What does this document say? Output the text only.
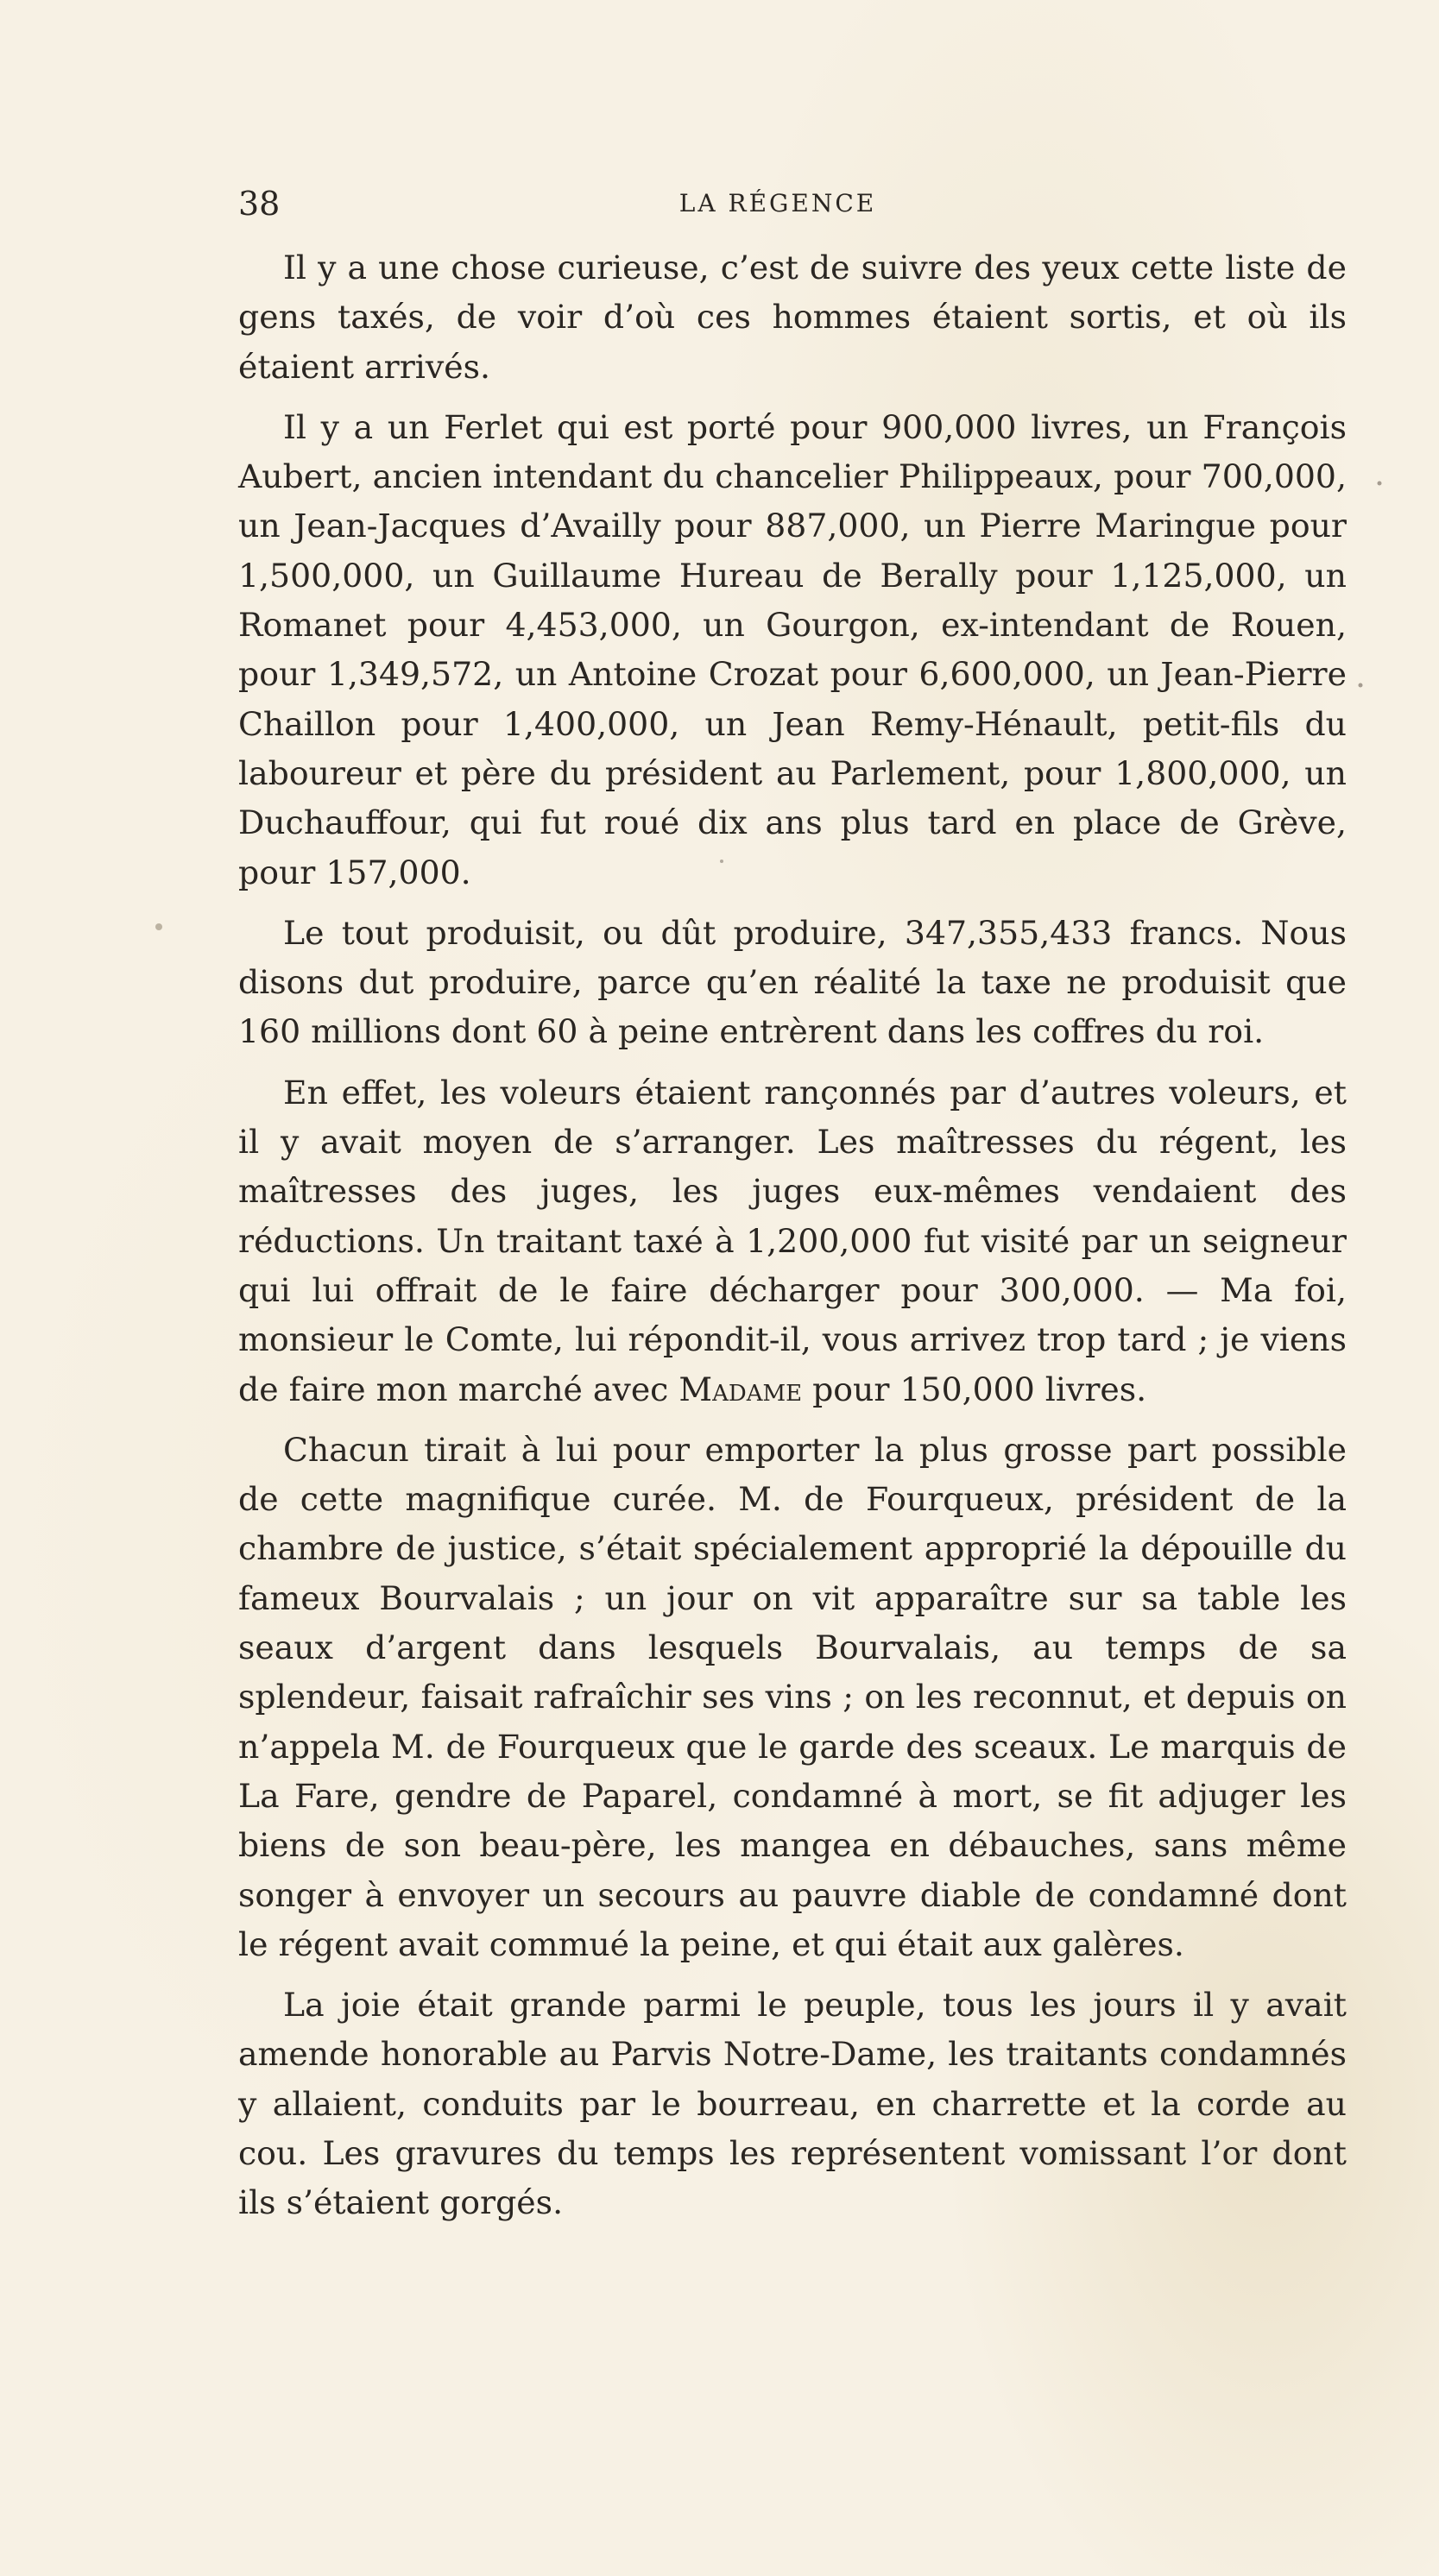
38	LA RÉGENCE

Il y a une chose curieuse, c’est de suivre des yeux cette liste de gens taxés, de voir d’où ces hommes étaient sortis, et où ils étaient arrivés.

Il y a un Ferlet qui est porté pour 900,000 livres, un François Aubert, ancien intendant du chancelier Philippeaux, pour 700,000, un Jean-Jacques d’Availly pour 887,000, un Pierre Maringue pour 1,500,000, un Guillaume Hureau de Berally pour 1,125,000, un Romanet pour 4,453,000, un Gourgon, ex-intendant de Rouen, pour 1,349,572, un Antoine Crozat pour 6,600,000, un Jean-Pierre Chaillon pour 1,400,000, un Jean Remy-Hénault, petit-fils du laboureur et père du président au Parlement, pour 1,800,000, un Duchauffour, qui fut roué dix ans plus tard en place de Grève, pour 157,000.

Le tout produisit, ou dût produire, 347,355,433 francs. Nous disons dut produire, parce qu’en réalité la taxe ne produisit que 160 millions dont 60 à peine entrèrent dans les coffres du roi.

En effet, les voleurs étaient rançonnés par d’autres voleurs, et il y avait moyen de s’arranger. Les maîtresses du régent, les maîtresses des juges, les juges eux-mêmes vendaient des réductions. Un traitant taxé à 1,200,000 fut visité par un seigneur qui lui offrait de le faire décharger pour 300,000. — Ma foi, monsieur le Comte, lui répondit-il, vous arrivez trop tard ; je viens de faire mon marché avec Madame pour 150,000 livres.

Chacun tirait à lui pour emporter la plus grosse part possible de cette magnifique curée. M. de Fourqueux, président de la chambre de justice, s’était spécialement approprié la dépouille du fameux Bourvalais ; un jour on vit apparaître sur sa table les seaux d’argent dans lesquels Bourvalais, au temps de sa splendeur, faisait rafraîchir ses vins ; on les reconnut, et depuis on n’appela M. de Fourqueux que le garde des sceaux. Le marquis de La Fare, gendre de Paparel, condamné à mort, se fit adjuger les biens de son beau-père, les mangea en débauches, sans même songer à envoyer un secours au pauvre diable de condamné dont le régent avait commué la peine, et qui était aux galères.

La joie était grande parmi le peuple, tous les jours il y avait amende honorable au Parvis Notre-Dame, les traitants condamnés y allaient, conduits par le bourreau, en charrette et la corde au cou. Les gravures du temps les représentent vomissant l’or dont ils s’étaient gorgés.
